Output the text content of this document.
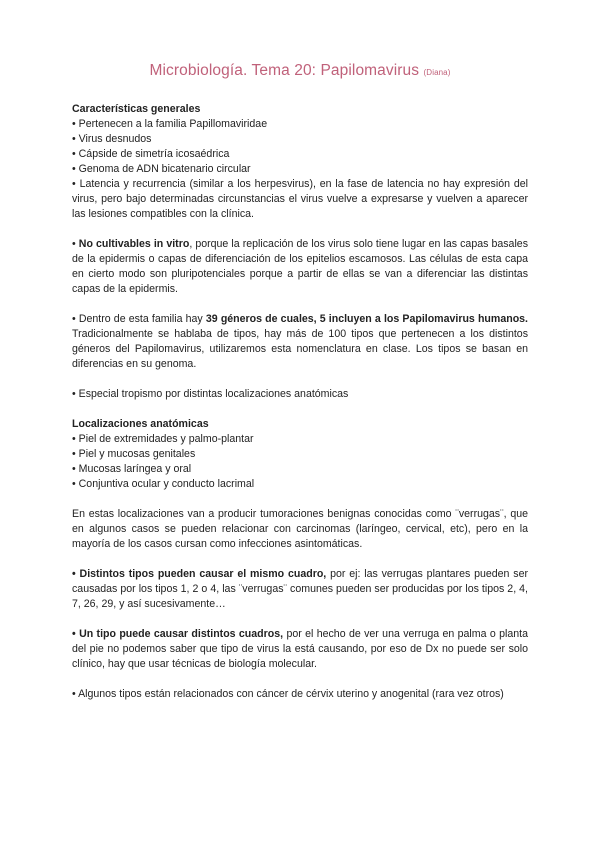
Microbiología. Tema 20: Papilomavirus (Diana)
Características generales
• Pertenecen a la familia Papillomaviridae
• Virus desnudos
• Cápside de simetría icosaédrica
• Genoma de ADN bicatenario circular

• Latencia y recurrencia (similar a los herpesvirus), en la fase de latencia no hay expresión del virus, pero bajo determinadas circunstancias el virus vuelve a expresarse y vuelven a aparecer las lesiones compatibles con la clínica.

• No cultivables in vitro, porque la replicación de los virus solo tiene lugar en las capas basales de la epidermis o capas de diferenciación de los epitelios escamosos. Las células de esta capa en cierto modo son pluripotenciales porque a partir de ellas se van a diferenciar las distintas capas de la epidermis.

• Dentro de esta familia hay 39 géneros de cuales, 5 incluyen a los Papilomavirus humanos. Tradicionalmente se hablaba de tipos, hay más de 100 tipos que pertenecen a los distintos géneros del Papilomavirus, utilizaremos esta nomenclatura en clase. Los tipos se basan en diferencias en su genoma.

• Especial tropismo por distintas localizaciones anatómicas

Localizaciones anatómicas
• Piel de extremidades y palmo-plantar
• Piel y mucosas genitales
• Mucosas laríngea y oral
• Conjuntiva ocular y conducto lacrimal

En estas localizaciones van a producir tumoraciones benignas conocidas como ¨verrugas¨, que en algunos casos se pueden relacionar con carcinomas (laríngeo, cervical, etc), pero en la mayoría de los casos cursan como infecciones asintomáticas.

• Distintos tipos pueden causar el mismo cuadro, por ej: las verrugas plantares pueden ser causadas por los tipos 1, 2 o 4, las ¨verrugas¨ comunes pueden ser producidas por los tipos 2, 4, 7, 26, 29, y así sucesivamente…

• Un tipo puede causar distintos cuadros, por el hecho de ver una verruga en palma o planta del pie no podemos saber que tipo de virus la está causando, por eso de Dx no puede ser solo clínico, hay que usar técnicas de biología molecular.

• Algunos tipos están relacionados con cáncer de cérvix uterino y anogenital (rara vez otros)
